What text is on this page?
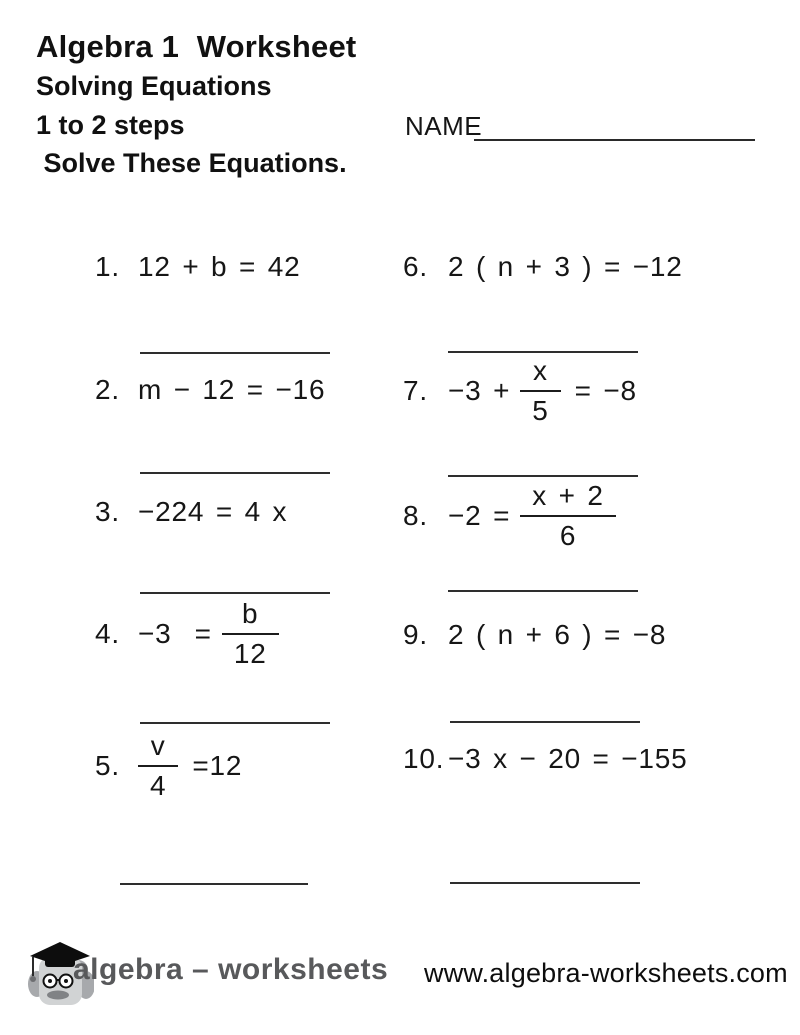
Algebra 1  Worksheet
Solving Equations
1 to 2 steps
Solve These Equations.
NAME
1. 12 + b = 42
2. m − 12 = −16
3. −224 = 4 x
4. $-3 = \frac{b}{12}$
5. $\frac{v}{4} =12$
6. 2 ( n + 3 ) = −12
7. $-3 + \frac{x}{5} = -8$
8. $-2 = \frac{x + 2}{6}$
9. 2 ( n + 6 ) = −8
10. −3 x − 20 = −155
algebra – worksheets www.algebra-worksheets.com
